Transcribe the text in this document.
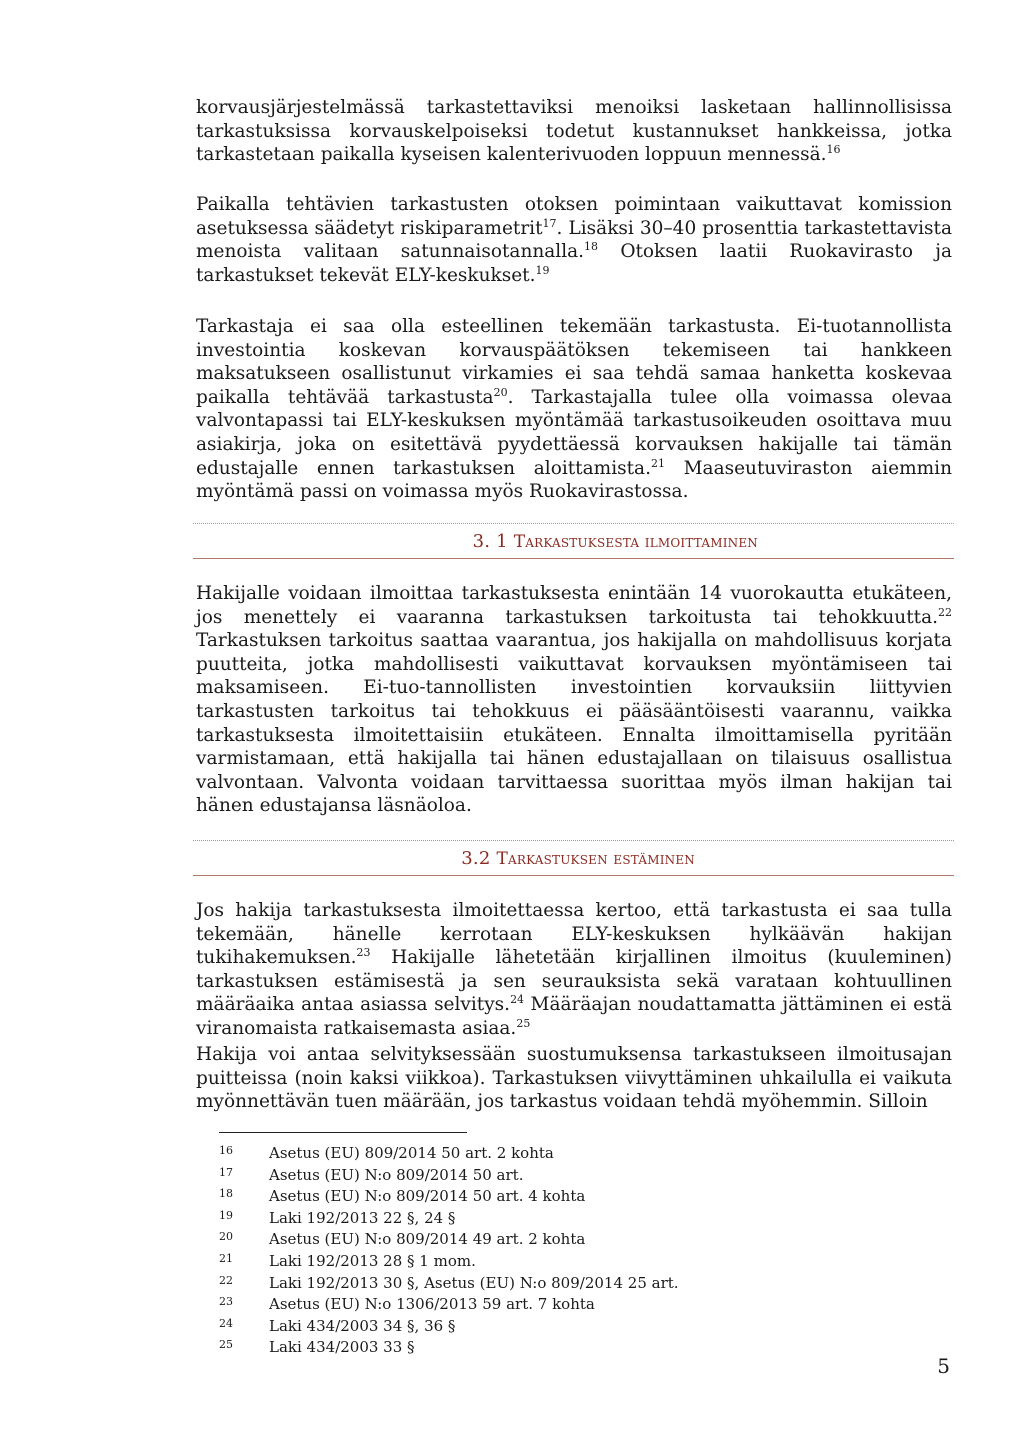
korvausjärjestelmässä tarkastettaviksi menoiksi lasketaan hallinnollisissa tarkastuksissa korvauskelpoiseksi todetut kustannukset hankkeissa, jotka tarkastetaan paikalla kyseisen kalenterivuoden loppuun mennessä.$^{16}$

Paikalla tehtävien tarkastusten otoksen poimintaan vaikuttavat komission asetuksessa säädetyt riskiparametrit$^{17}$. Lisäksi 30–40 prosenttia tarkastettavista menoista valitaan satunnaisotannalla.$^{18}$ Otoksen laatii Ruokavirasto ja tarkastukset tekevät ELY-keskukset.$^{19}$

Tarkastaja ei saa olla esteellinen tekemään tarkastusta. Ei-tuotannollista investointia koskevan korvauspäätöksen tekemiseen tai hankkeen maksatukseen osallistunut virkamies ei saa tehdä samaa hanketta koskevaa paikalla tehtävää tarkastusta$^{20}$. Tarkastajalla tulee olla voimassa olevaa valvontapassi tai ELY-keskuksen myöntämää tarkastusoikeuden osoittava muu asiakirja, joka on esitettävä pyydettäessä korvauksen hakijalle tai tämän edustajalle ennen tarkastuksen aloittamista.$^{21}$ Maaseutuviraston aiemmin myöntämä passi on voimassa myös Ruokavirastossa.

3. 1 Tarkastuksesta ilmoittaminen

Hakijalle voidaan ilmoittaa tarkastuksesta enintään 14 vuorokautta etukäteen, jos menettely ei vaaranna tarkastuksen tarkoitusta tai tehokkuutta.$^{22}$ Tarkastuksen tarkoitus saattaa vaarantua, jos hakijalla on mahdollisuus korjata puutteita, jotka mahdollisesti vaikuttavat korvauksen myöntämiseen tai maksamiseen. Ei-tuo-tannollisten investointien korvauksiin liittyvien tarkastusten tarkoitus tai tehokkuus ei pääsääntöisesti vaarannu, vaikka tarkastuksesta ilmoitettaisiin etukäteen. Ennalta ilmoittamisella pyritään varmistamaan, että hakijalla tai hänen edustajallaan on tilaisuus osallistua valvontaan. Valvonta voidaan tarvittaessa suorittaa myös ilman hakijan tai hänen edustajansa läsnäoloa.

3.2 Tarkastuksen estäminen

Jos hakija tarkastuksesta ilmoitettaessa kertoo, että tarkastusta ei saa tulla tekemään, hänelle kerrotaan ELY-keskuksen hylkäävän hakijan tukihakemuksen.$^{23}$ Hakijalle lähetetään kirjallinen ilmoitus (kuuleminen) tarkastuksen estämisestä ja sen seurauksista sekä varataan kohtuullinen määräaika antaa asiassa selvitys.$^{24}$ Määräajan noudattamatta jättäminen ei estä viranomaista ratkaisemasta asiaa.$^{25}$

Hakija voi antaa selvityksessään suostumuksensa tarkastukseen ilmoitusajan puitteissa (noin kaksi viikkoa). Tarkastuksen viivyttäminen uhkailulla ei vaikuta myönnettävän tuen määrään, jos tarkastus voidaan tehdä myöhemmin. Silloin

16	Asetus (EU) 809/2014 50 art. 2 kohta
17	Asetus (EU) N:o 809/2014 50 art.
18	Asetus (EU) N:o 809/2014 50 art. 4 kohta
19	Laki 192/2013 22 §, 24 §
20	Asetus (EU) N:o 809/2014 49 art. 2 kohta
21	Laki 192/2013 28 § 1 mom.
22	Laki 192/2013 30 §, Asetus (EU) N:o 809/2014 25 art.
23	Asetus (EU) N:o 1306/2013 59 art. 7 kohta
24	Laki 434/2003 34 §, 36 §
25	Laki 434/2003 33 §
5
